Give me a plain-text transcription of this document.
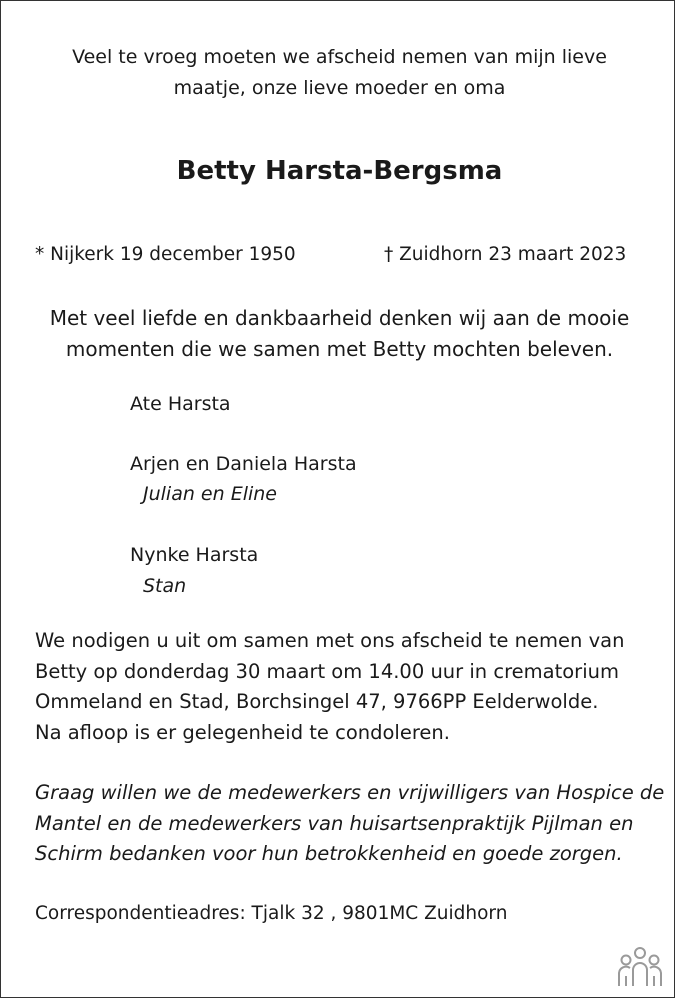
Veel te vroeg moeten we afscheid nemen van mijn lieve
maatje, onze lieve moeder en oma

Betty Harsta-Bergsma

* Nijkerk 19 december 1950	† Zuidhorn 23 maart 2023

Met veel liefde en dankbaarheid denken wij aan de mooie
momenten die we samen met Betty mochten beleven.

Ate Harsta

Arjen en Daniela Harsta

Julian en Eline

Nynke Harsta

Stan

We nodigen u uit om samen met ons afscheid te nemen van
Betty op donderdag 30 maart om 14.00 uur in crematorium
Ommeland en Stad, Borchsingel 47, 9766PP Eelderwolde.
Na afloop is er gelegenheid te condoleren.

Graag willen we de medewerkers en vrijwilligers van Hospice de
Mantel en de medewerkers van huisartsenpraktijk Pijlman en
Schirm bedanken voor hun betrokkenheid en goede zorgen.

Correspondentieadres: Tjalk 32 , 9801MC Zuidhorn
